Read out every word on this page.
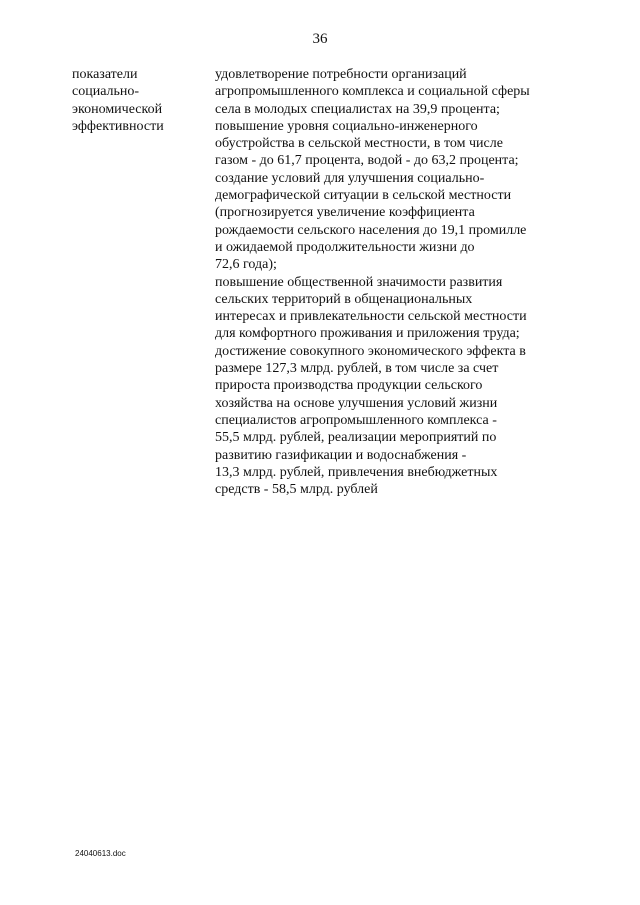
36
показатели
социально-
экономической
эффективности
удовлетворение потребности организаций
агропромышленного комплекса и социальной сферы
села в молодых специалистах на 39,9 процента;
повышение уровня социально-инженерного
обустройства в сельской местности, в том числе
газом - до 61,7 процента, водой - до 63,2 процента;
создание условий для улучшения социально-
демографической ситуации в сельской местности
(прогнозируется увеличение коэффициента
рождаемости сельского населения до 19,1 промилле
и ожидаемой продолжительности жизни до
72,6 года);
повышение общественной значимости развития
сельских территорий в общенациональных
интересах и привлекательности сельской местности
для комфортного проживания и приложения труда;
достижение совокупного экономического эффекта в
размере 127,3 млрд. рублей, в том числе за счет
прироста производства продукции сельского
хозяйства на основе улучшения условий жизни
специалистов агропромышленного комплекса -
55,5 млрд. рублей, реализации мероприятий по
развитию газификации и водоснабжения -
13,3 млрд. рублей, привлечения внебюджетных
средств - 58,5 млрд. рублей
24040613.doc
